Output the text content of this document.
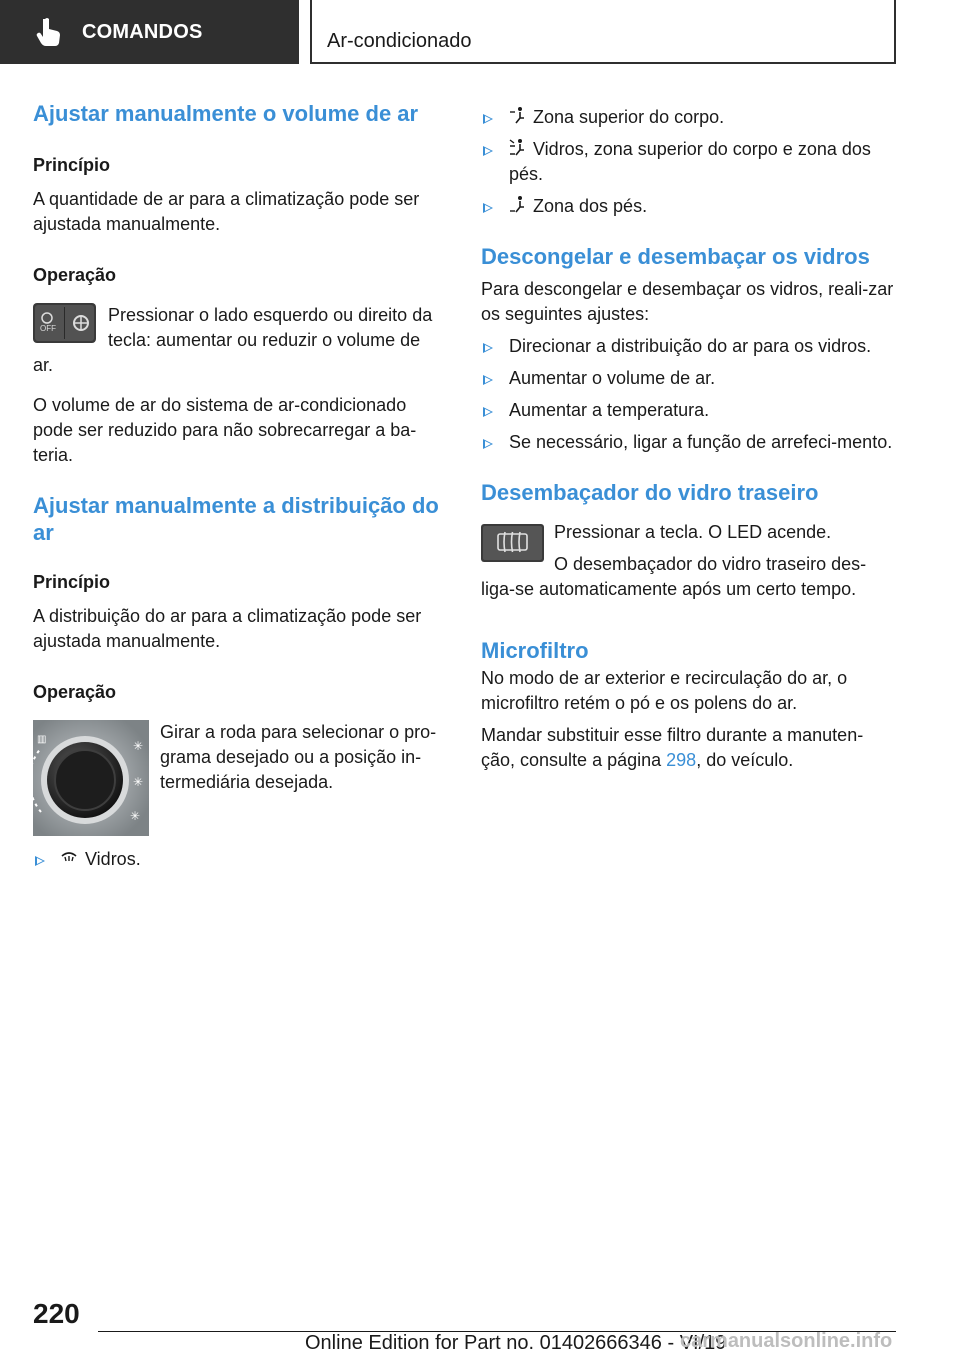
COMANDOS	Ar-condicionado
Ajustar manualmente o volume de ar
Princípio

A quantidade de ar para a climatização pode ser ajustada manualmente.

Operação
OFF

Pressionar o lado esquerdo ou direito da tecla: aumentar ou reduzir o volume de

ar.

O volume de ar do sistema de ar-condicionado pode ser reduzido para não sobrecarregar a ba-teria.

Ajustar manualmente a distribuição do ar
Princípio

A distribuição do ar para a climatização pode ser ajustada manualmente.

Operação
✳
✳
✳
▥	Girar a roda para selecionar o pro-grama desejado ou a posição in-termediária desejada.

Vidros.
Zona superior do corpo.
Vidros, zona superior do corpo e zona dos pés.
Zona dos pés.
Descongelar e desembaçar os vidros

Para descongelar e desembaçar os vidros, reali-zar os seguintes ajustes:

Direcionar a distribuição do ar para os vidros.
Aumentar o volume de ar.
Aumentar a temperatura.
Se necessário, ligar a função de arrefeci-mento.
Desembaçador do vidro traseiro

Pressionar a tecla. O LED acende.

O desembaçador do vidro traseiro des-

liga-se automaticamente após um certo tempo.

Microfiltro

No modo de ar exterior e recirculação do ar, o microfiltro retém o pó e os polens do ar.

Mandar substituir esse filtro durante a manuten-ção, consulte a página 298, do veículo.

220
Online Edition for Part no. 01402666346 - VI/19
carmanualsonline.info
